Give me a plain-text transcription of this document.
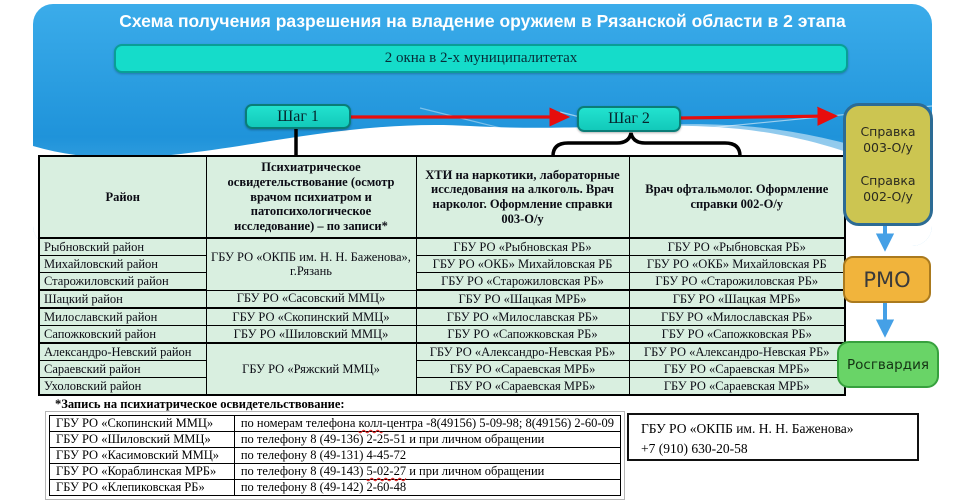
Схема получения разрешения на владение оружием в Рязанской области в 2 этапа
2 окна в 2-х муниципалитетах
Шаг 1	Шаг 2
Справка 003-О/у
Справка 002-О/у
РМО
Росгвардия
Район	Психиатрическое освидетельствование (осмотр врачом психиатром и патопсихологическое исследование) – по записи*	ХТИ на наркотики, лабораторные исследования на алкоголь. Врач нарколог. Оформление справки 003-О/у	Врач офтальмолог. Оформление справки 002-О/у
Рыбновский район	ГБУ РО «ОКПБ им. Н. Н. Баженова», г.Рязань	ГБУ РО «Рыбновская РБ»	ГБУ РО «Рыбновская РБ»
Михайловский район		ГБУ РО «ОКБ» Михайловская РБ	ГБУ РО «ОКБ» Михайловская РБ
Старожиловский район		ГБУ РО «Старожиловская РБ»	ГБУ РО «Старожиловская РБ»
Шацкий район	ГБУ РО «Сасовский ММЦ»	ГБУ РО «Шацкая МРБ»	ГБУ РО «Шацкая МРБ»
Милославский район	ГБУ РО «Скопинский ММЦ»	ГБУ РО «Милославская РБ»	ГБУ РО «Милославская РБ»
Сапожковский район	ГБУ РО «Шиловский ММЦ»	ГБУ РО «Сапожковская РБ»	ГБУ РО «Сапожковская РБ»
Александро-Невский район	ГБУ РО «Ряжский ММЦ»	ГБУ РО «Александро-Невская РБ»	ГБУ РО «Александро-Невская РБ»
Сараевский район		ГБУ РО «Сараевская МРБ»	ГБУ РО «Сараевская МРБ»
Ухоловский район		ГБУ РО «Сараевская МРБ»	ГБУ РО «Сараевская МРБ»
*Запись на психиатрическое освидетельствование:
ГБУ РО «Скопинский ММЦ»	по номерам телефона колл-центра -8(49156) 5-09-98; 8(49156) 2-60-09
ГБУ РО «Шиловский ММЦ»	по телефону 8 (49-136) 2-25-51 и при личном обращении
ГБУ РО «Касимовский ММЦ»	по телефону 8 (49-131) 4-45-72
ГБУ РО «Кораблинская МРБ»	по телефону 8 (49-143) 5-02-27 и при личном обращении
ГБУ РО «Клепиковская РБ»	по телефону 8 (49-142) 2-60-48
ГБУ РО «ОКПБ им. Н. Н. Баженова»
+7 (910) 630-20-58
